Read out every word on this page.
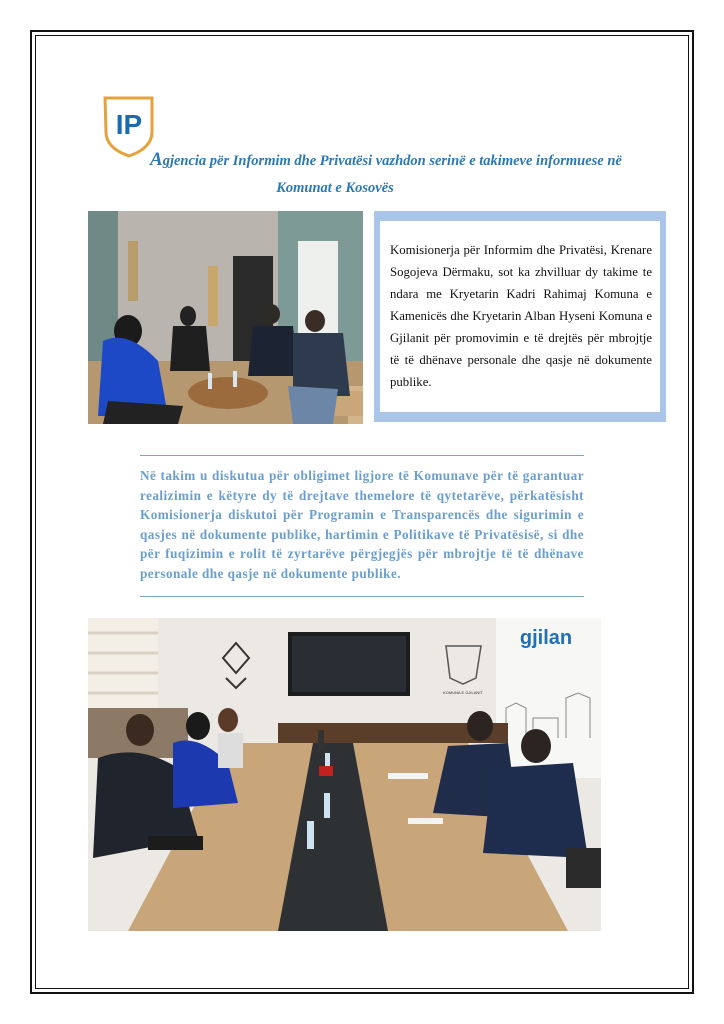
IP
Agjencia për Informim dhe Privatësi vazhdon serinë e takimeve informuese në
Komunat e Kosovës
Komisionerja për Informim dhe Privatësi, Krenare Sogojeva Dërmaku, sot ka zhvilluar dy takime te ndara me Kryetarin Kadri Rahimaj Komuna e Kamenicës dhe Kryetarin Alban Hyseni Komuna e Gjilanit për promovimin e të drejtës për mbrojtje të të dhënave personale dhe qasje në dokumente publike.
Në takim u diskutua për obligimet ligjore të Komunave për të garantuar realizimin e këtyre dy të drejtave themelore të qytetarëve, përkatësisht Komisionerja diskutoi për Programin e Transparencës dhe sigurimin e qasjes në dokumente publike, hartimin e Politikave të Privatësisë, si dhe për fuqizimin e rolit të zyrtarëve përgjegjës për mbrojtje të të dhënave personale dhe qasje në dokumente publike.
KOMUNA E GJILANIT
gjilan
